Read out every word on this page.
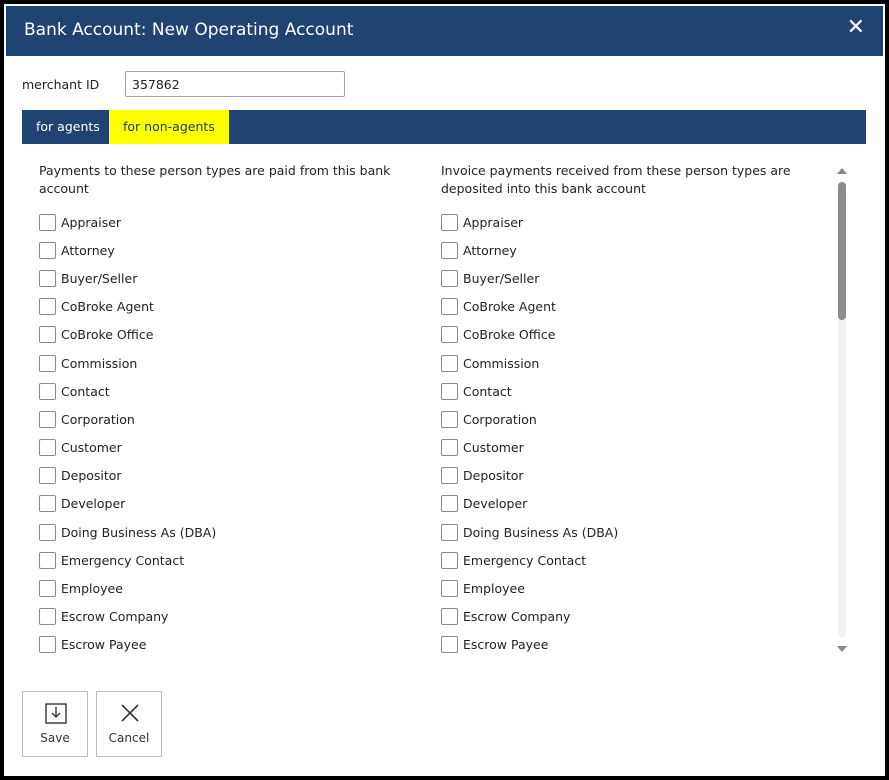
Bank Account: New Operating Account	✕
merchant ID
357862
for agents	for non-agents
Payments to these person types are paid from this bank account
Appraiser
Attorney
Buyer/Seller
CoBroke Agent
CoBroke Office
Commission
Contact
Corporation
Customer
Depositor
Developer
Doing Business As (DBA)
Emergency Contact
Employee
Escrow Company
Escrow Payee
Invoice payments received from these person types are deposited into this bank account
Appraiser
Attorney
Buyer/Seller
CoBroke Agent
CoBroke Office
Commission
Contact
Corporation
Customer
Depositor
Developer
Doing Business As (DBA)
Emergency Contact
Employee
Escrow Company
Escrow Payee
Save	Cancel
